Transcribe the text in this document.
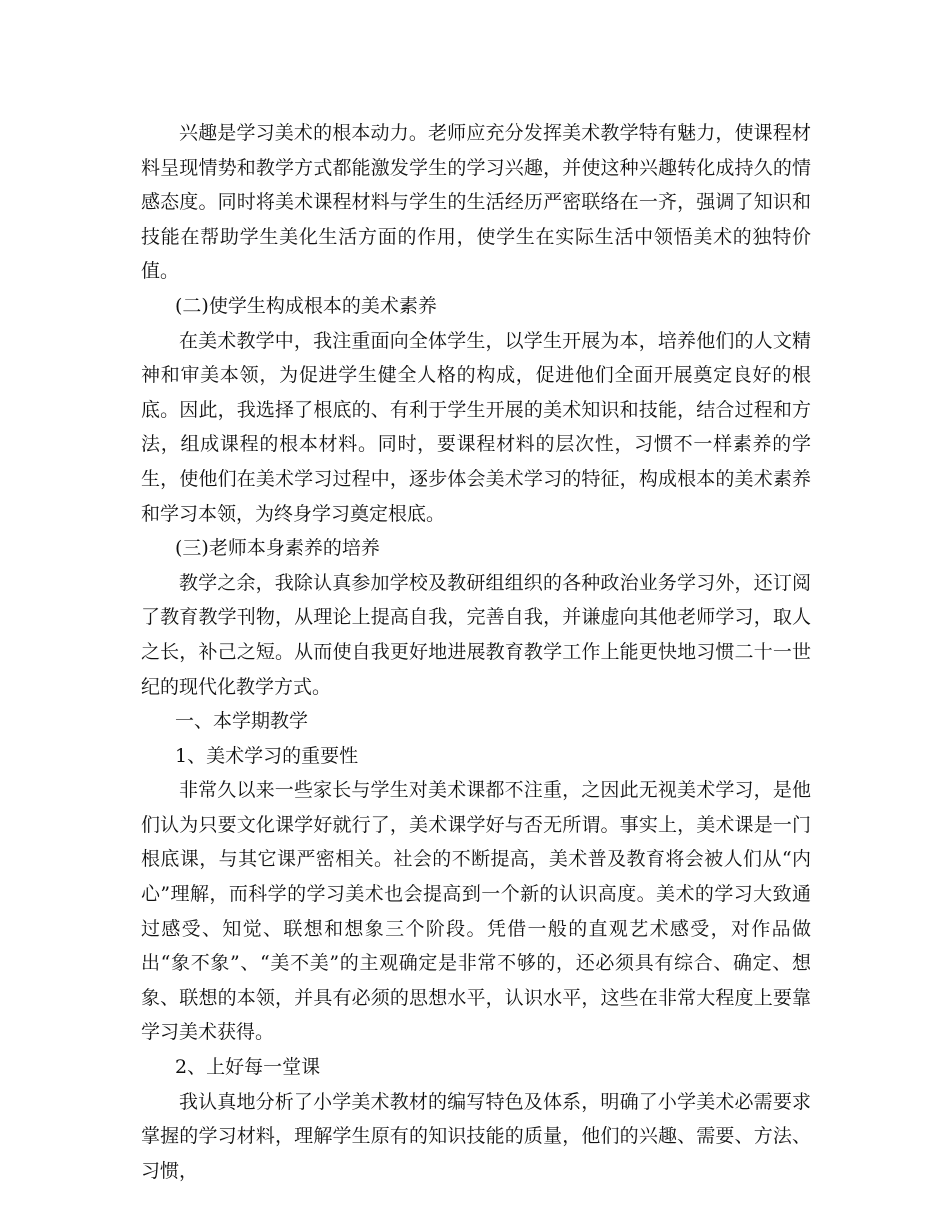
兴趣是学习美术的根本动力。老师应充分发挥美术教学特有魅力，使课程材料呈现情势和教学方式都能激发学生的学习兴趣，并使这种兴趣转化成持久的情感态度。同时将美术课程材料与学生的生活经历严密联络在一齐，强调了知识和技能在帮助学生美化生活方面的作用，使学生在实际生活中领悟美术的独特价值。

(二)使学生构成根本的美术素养

在美术教学中，我注重面向全体学生，以学生开展为本，培养他们的人文精神和审美本领，为促进学生健全人格的构成，促进他们全面开展奠定良好的根底。因此，我选择了根底的、有利于学生开展的美术知识和技能，结合过程和方法，组成课程的根本材料。同时，要课程材料的层次性，习惯不一样素养的学生，使他们在美术学习过程中，逐步体会美术学习的特征，构成根本的美术素养和学习本领，为终身学习奠定根底。

(三)老师本身素养的培养

教学之余，我除认真参加学校及教研组组织的各种政治业务学习外，还订阅了教育教学刊物，从理论上提高自我，完善自我，并谦虚向其他老师学习，取人之长，补己之短。从而使自我更好地进展教育教学工作上能更快地习惯二十一世纪的现代化教学方式。

一、本学期教学

1、美术学习的重要性

非常久以来一些家长与学生对美术课都不注重，之因此无视美术学习，是他们认为只要文化课学好就行了，美术课学好与否无所谓。事实上，美术课是一门根底课，与其它课严密相关。社会的不断提高，美术普及教育将会被人们从“内心”理解，而科学的学习美术也会提高到一个新的认识高度。美术的学习大致通过感受、知觉、联想和想象三个阶段。凭借一般的直观艺术感受，对作品做出“象不象”、“美不美”的主观确定是非常不够的，还必须具有综合、确定、想象、联想的本领，并具有必须的思想水平，认识水平，这些在非常大程度上要靠学习美术获得。

2、上好每一堂课

我认真地分析了小学美术教材的编写特色及体系，明确了小学美术必需要求掌握的学习材料，理解学生原有的知识技能的质量，他们的兴趣、需要、方法、习惯，
